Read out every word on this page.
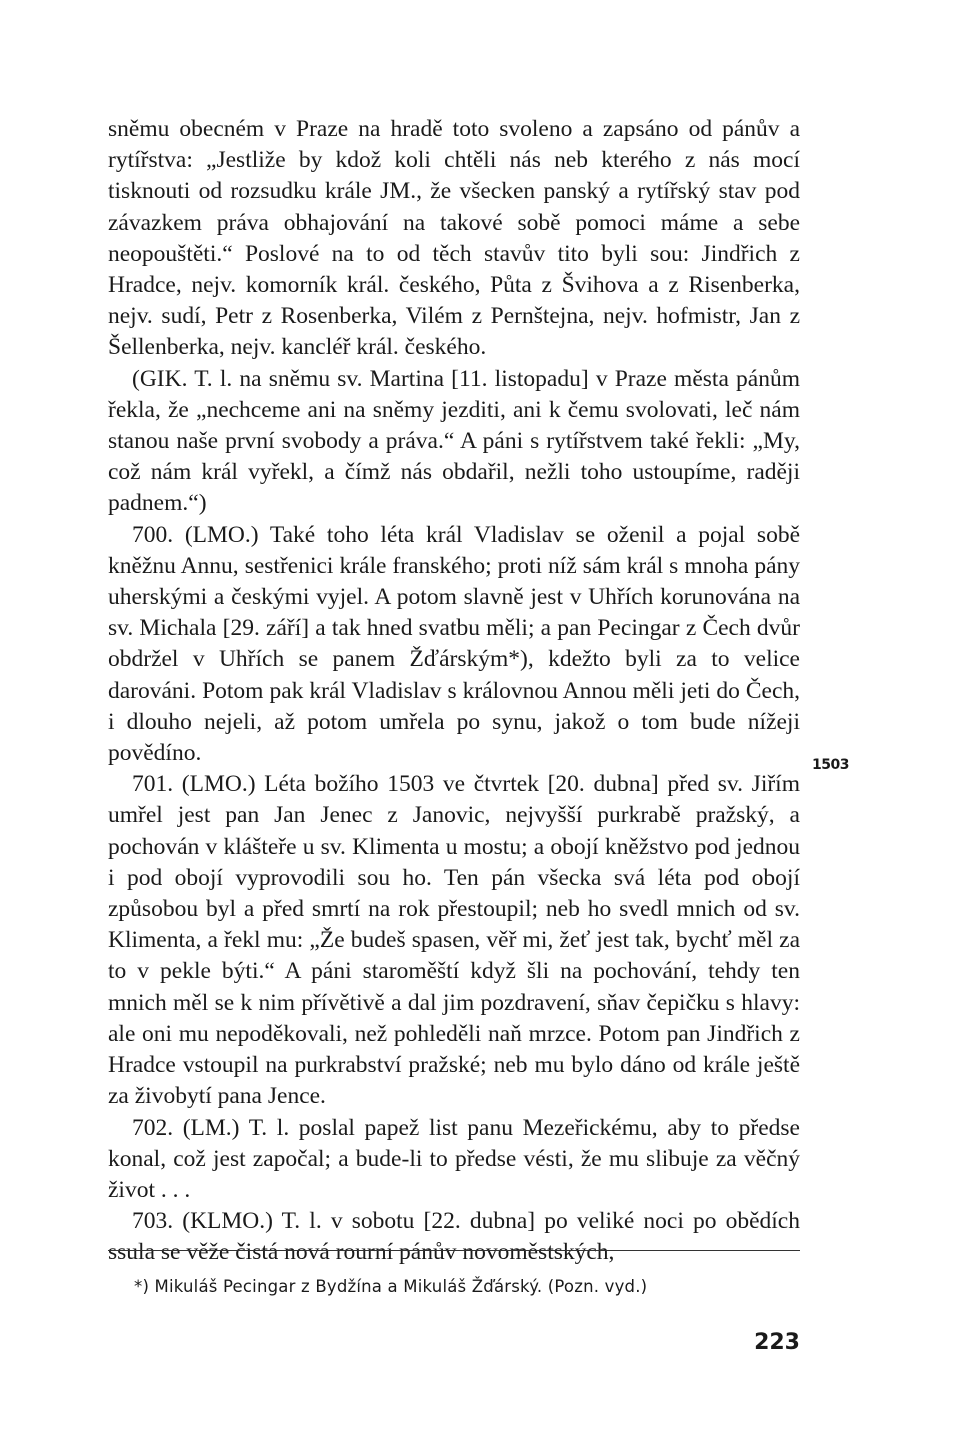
sněmu obecném v Praze na hradě toto svoleno a zapsáno od pánův a rytířstva: „Jestliže by kdož koli chtěli nás neb kterého z nás mocí tisknouti od rozsudku krále JM., že všecken panský a rytířský stav pod závazkem práva obhajování na takové sobě pomoci máme a sebe neopouštěti.“ Poslové na to od těch stavův tito byli sou: Jindřich z Hradce, nejv. komorník král. českého, Půta z Švihova a z Risenberka, nejv. sudí, Petr z Rosenberka, Vilém z Pernštejna, nejv. hofmistr, Jan z Šellenberka, nejv. kancléř král. českého.

(GIK. T. l. na sněmu sv. Martina [11. listopadu] v Praze města pánům řekla, že „nechceme ani na sněmy jezditi, ani k čemu svolovati, leč nám stanou naše první svobody a práva.“ A páni s rytířstvem také řekli: „My, což nám král vyřekl, a čímž nás obdařil, nežli toho ustoupíme, raději padnem.“)

700. (LMO.) Také toho léta král Vladislav se oženil a pojal sobě kněžnu Annu, sestřenici krále franského; proti níž sám král s mnoha pány uherskými a českými vyjel. A potom slavně jest v Uhřích korunována na sv. Michala [29. září] a tak hned svatbu měli; a pan Pecingar z Čech dvůr obdržel v Uhřích se panem Žďárským*), kdežto byli za to velice darováni. Potom pak král Vladislav s královnou Annou měli jeti do Čech, i dlouho nejeli, až potom umřela po synu, jakož o tom bude nížeji povědíno.

701. (LMO.) Léta božího 1503 ve čtvrtek [20. dubna] před sv. Jiřím umřel jest pan Jan Jenec z Janovic, nejvyšší purkrabě pražský, a pochován v klášteře u sv. Klimenta u mostu; a obojí kněžstvo pod jednou i pod obojí vyprovodili sou ho. Ten pán všecka svá léta pod obojí způsobou byl a před smrtí na rok přestoupil; neb ho svedl mnich od sv. Klimenta, a řekl mu: „Že budeš spasen, věř mi, žeť jest tak, bychť měl za to v pekle býti.“ A páni staroměští když šli na pochování, tehdy ten mnich měl se k nim přívětivě a dal jim pozdravení, sňav čepičku s hlavy: ale oni mu nepoděkovali, než pohleděli naň mrzce. Potom pan Jindřich z Hradce vstoupil na purkrabství pražské; neb mu bylo dáno od krále ještě za živobytí pana Jence.

702. (LM.) T. l. poslal papež list panu Mezeřickému, aby to předse konal, což jest započal; a bude-li to předse vésti, že mu slibuje za věčný život . . .

703. (KLMO.) T. l. v sobotu [22. dubna] po veliké noci po obědích ssula se věže čistá nová rourní pánův novoměstských,

1503
*) Mikuláš Pecingar z Bydžína a Mikuláš Žďárský. (Pozn. vyd.)
223
